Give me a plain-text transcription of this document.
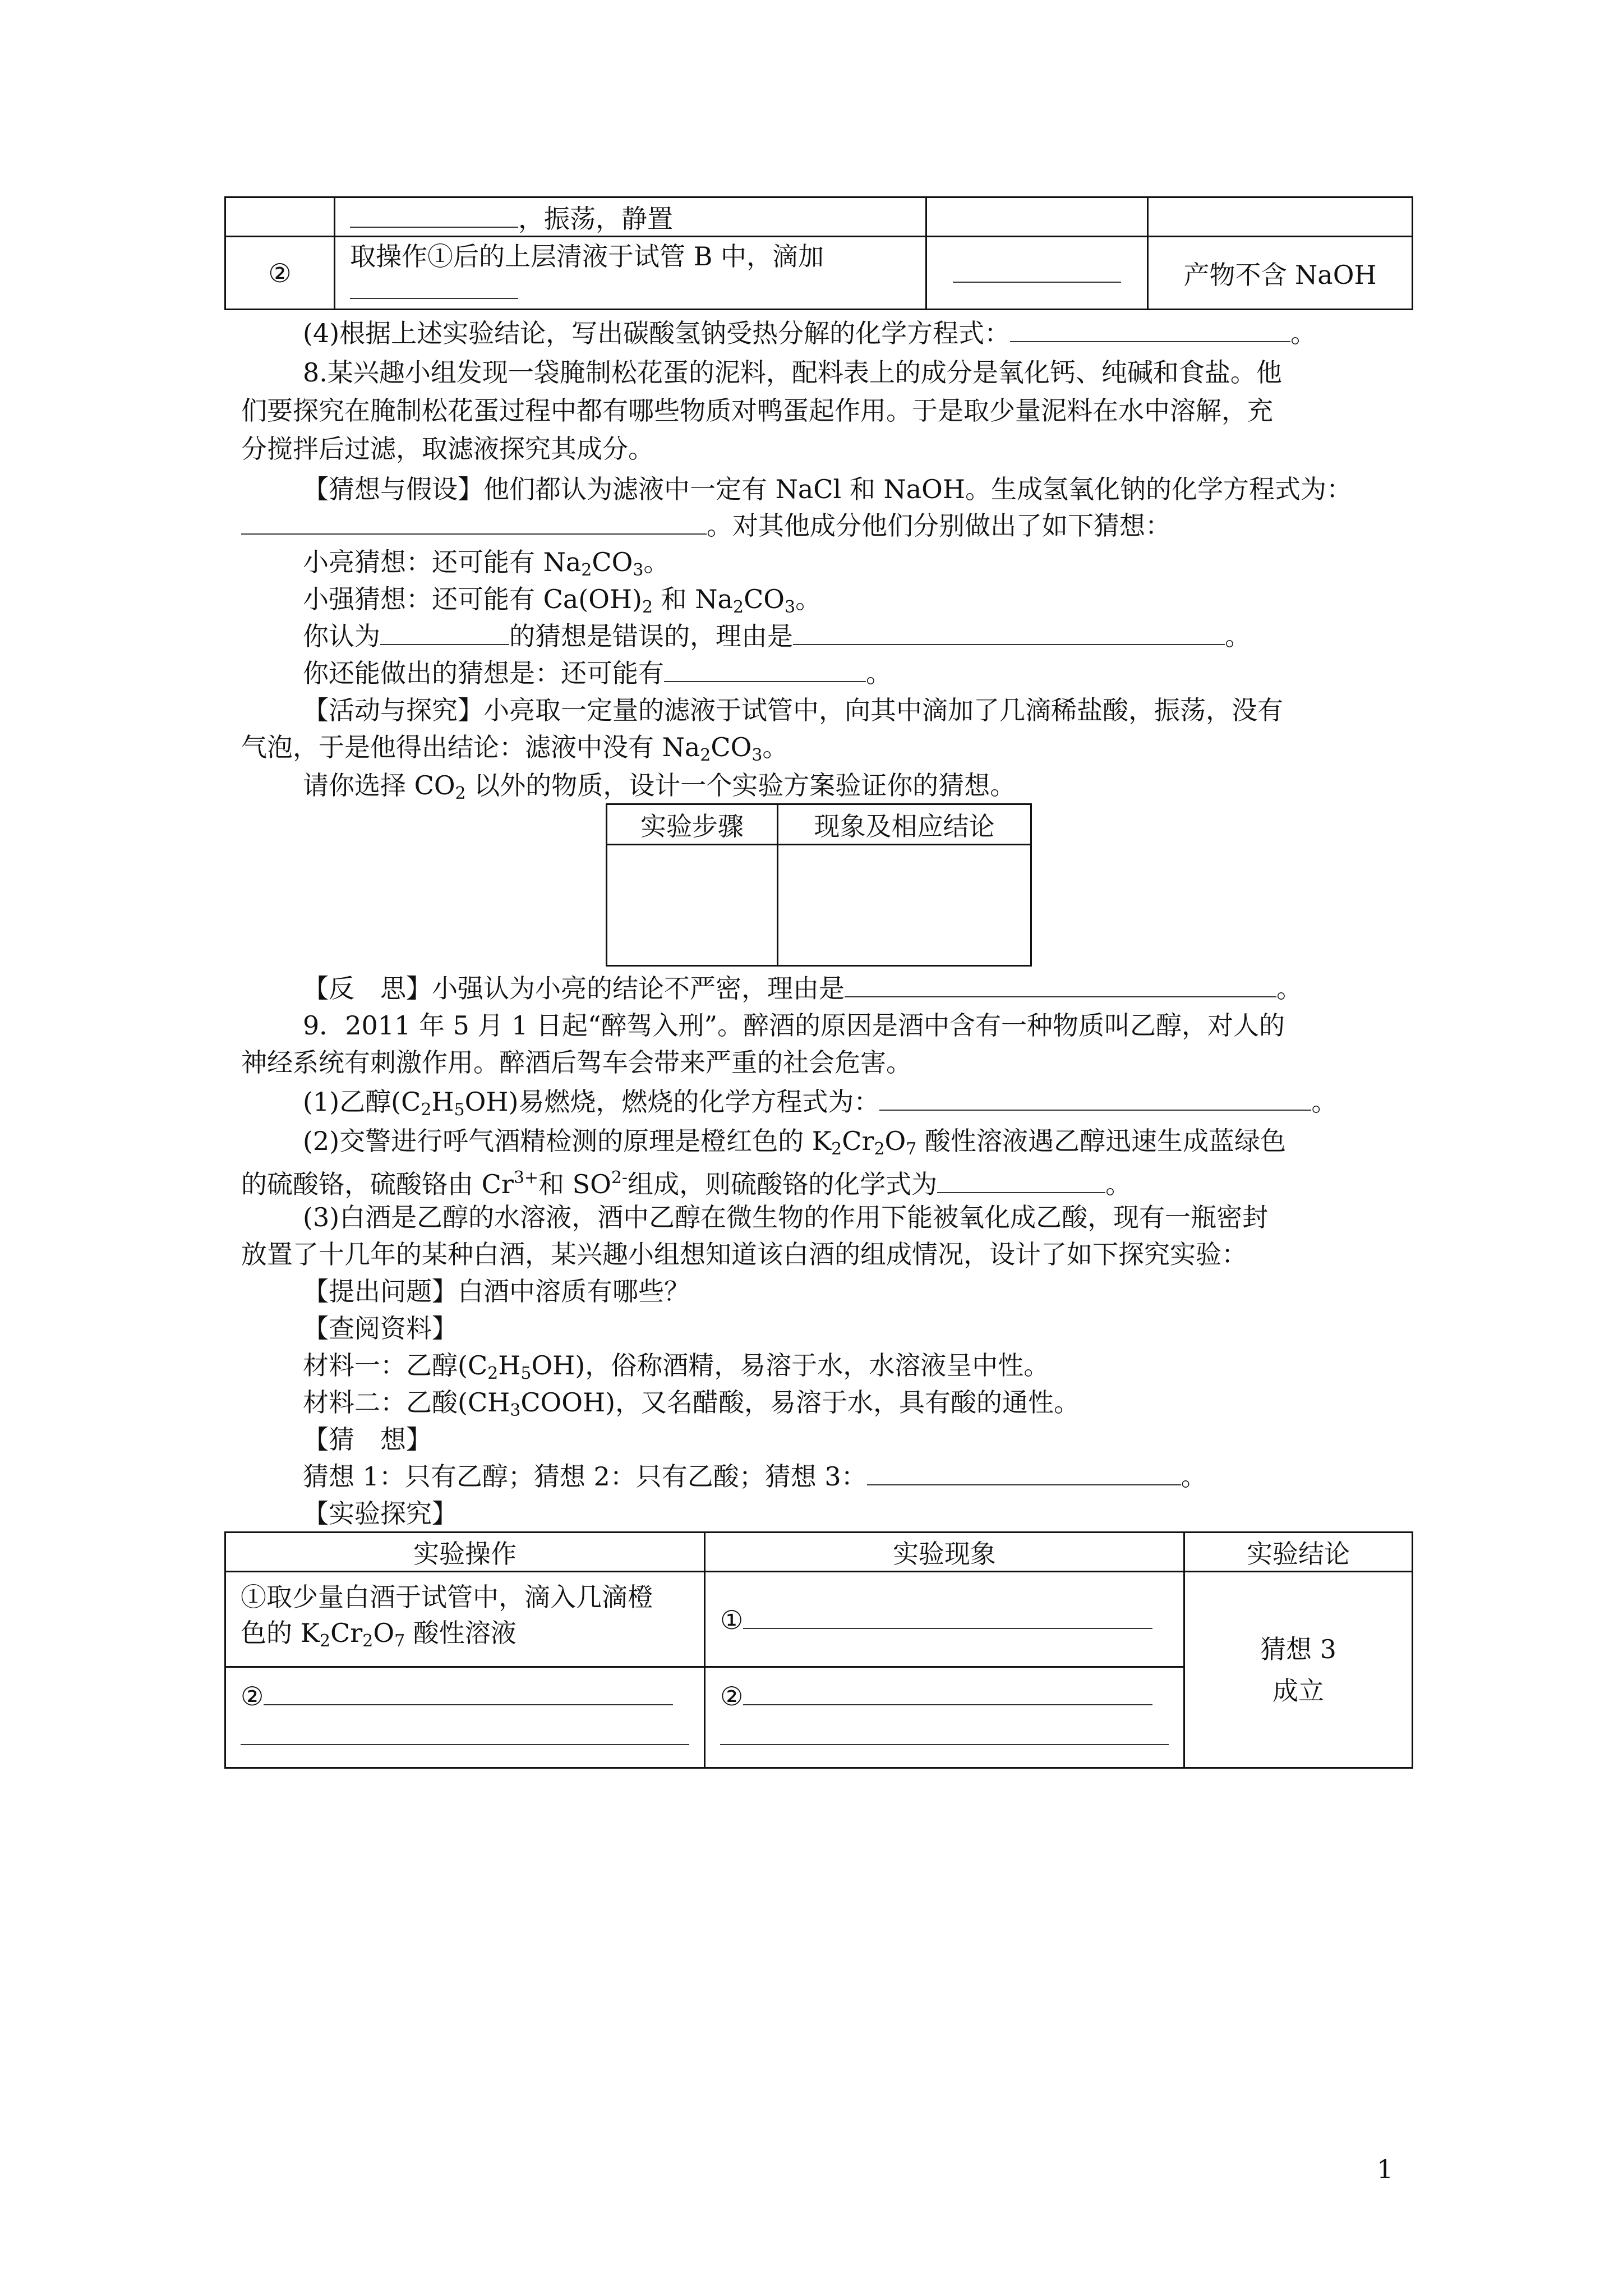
	，振荡，静置		
②	取操作①后的上层清液于试管 B 中，滴加		产物不含 NaOH
(4)根据上述实验结论，写出碳酸氢钠受热分解的化学方程式：	。
8.某兴趣小组发现一袋腌制松花蛋的泥料，配料表上的成分是氧化钙、纯碱和食盐。他
们要探究在腌制松花蛋过程中都有哪些物质对鸭蛋起作用。于是取少量泥料在水中溶解，充
分搅拌后过滤，取滤液探究其成分。
【猜想与假设】他们都认为滤液中一定有 NaCl 和 NaOH。生成氢氧化钠的化学方程式为：
。对其他成分他们分别做出了如下猜想：
小亮猜想：还可能有 $Na_2CO_3$。
小强猜想：还可能有 $Ca(OH)_2$ 和 $Na_2CO_3$。
你认为	的猜想是错误的，理由是	。
你还能做出的猜想是：还可能有	。
【活动与探究】小亮取一定量的滤液于试管中，向其中滴加了几滴稀盐酸，振荡，没有
气泡，于是他得出结论：滤液中没有 $Na_2CO_3$。
请你选择 $CO_2$ 以外的物质，设计一个实验方案验证你的猜想。
实验步骤	现象及相应结论

【反　思】小强认为小亮的结论不严密，理由是	。
9．2011 年 5 月 1 日起“醉驾入刑”。醉酒的原因是酒中含有一种物质叫乙醇，对人的
神经系统有刺激作用。醉酒后驾车会带来严重的社会危害。
(1)乙醇$(C_2H_5OH)$易燃烧，燃烧的化学方程式为：	。
(2)交警进行呼气酒精检测的原理是橙红色的 $K_2Cr_2O_7$ 酸性溶液遇乙醇迅速生成蓝绿色
的硫酸铬，硫酸铬由 $Cr^{3+}$和 $SO^{2-}$组成，则硫酸铬的化学式为	。
(3)白酒是乙醇的水溶液，酒中乙醇在微生物的作用下能被氧化成乙酸，现有一瓶密封
放置了十几年的某种白酒，某兴趣小组想知道该白酒的组成情况，设计了如下探究实验：
【提出问题】白酒中溶质有哪些？
【查阅资料】
材料一：乙醇$(C_2H_5OH)$，俗称酒精，易溶于水，水溶液呈中性。
材料二：乙酸$(CH_3COOH)$，又名醋酸，易溶于水，具有酸的通性。
【猜　想】
猜想 1：只有乙醇；猜想 2：只有乙酸；猜想 3：	。
【实验探究】
实验操作	实验现象	实验结论
①取少量白酒于试管中，滴入几滴橙
色的 $K_2Cr_2O_7$ 酸性溶液	①	猜想 3
成立
②	②	
1
